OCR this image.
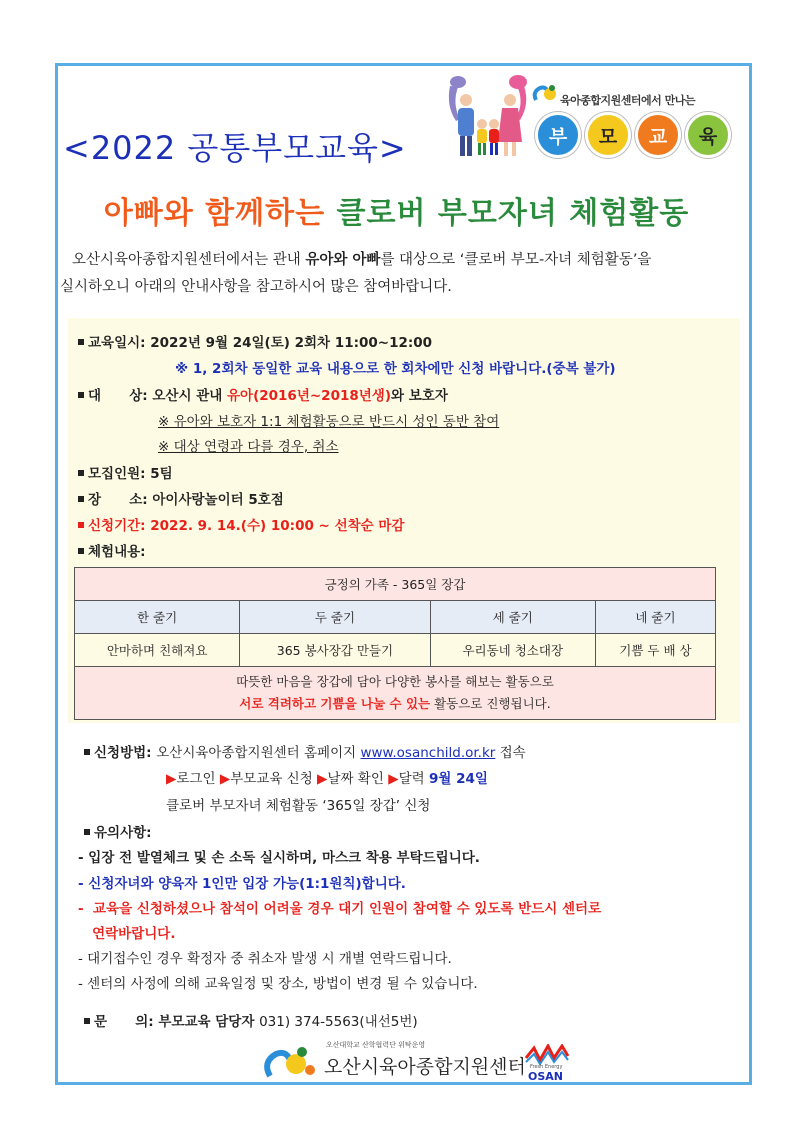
육아종합지원센터에서 만나는
부	모	교	육
<2022 공통부모교육>
아빠와 함께하는 클로버 부모자녀 체험활동
오산시육아종합지원센터에서는 관내 유아와 아빠를 대상으로 ‘클로버 부모-자녀 체험활동’을
실시하오니 아래의 안내사항을 참고하시어 많은 참여바랍니다.
교육일시: 2022년 9월 24일(토) 2회차 11:00~12:00
※ 1, 2회차 동일한 교육 내용으로 한 회차에만 신청 바랍니다.(중복 불가)
대      상: 오산시 관내 유아(2016년~2018년생)와 보호자
※ 유아와 보호자 1:1 체험활동으로 반드시 성인 동반 참여
※ 대상 연령과 다를 경우, 취소
모집인원: 5팀
장      소: 아이사랑놀이터 5호점
신청기간: 2022. 9. 14.(수) 10:00 ~ 선착순 마감
체험내용:
긍정의 가족 - 365일 장갑			
한 줄기	두 줄기	세 줄기	네 줄기
안마하며 친해져요	365 봉사장갑 만들기	우리동네 청소대장	기쁨 두 배 상

따뜻한 마음을 장갑에 담아 다양한 봉사를 해보는 활동으로
서로 격려하고 기쁨을 나눌 수 있는 활동으로 진행됩니다.			
신청방법: 오산시육아종합지원센터 홈페이지 www.osanchild.or.kr 접속
▶로그인 ▶부모교육 신청 ▶날짜 확인 ▶달력 9월 24일
클로버 부모자녀 체험활동 ‘365일 장갑’ 신청
유의사항:
- 입장 전 발열체크 및 손 소독 실시하며, 마스크 착용 부탁드립니다.
- 신청자녀와 양육자 1인만 입장 가능(1:1원칙)합니다.
-  교육을 신청하셨으나 참석이 어려울 경우 대기 인원이 참여할 수 있도록 반드시 센터로
연락바랍니다.
- 대기접수인 경우 확정자 중 취소자 발생 시 개별 연락드립니다.
- 센터의 사정에 의해 교육일정 및 장소, 방법이 변경 될 수 있습니다.
문      의: 부모교육 담당자 031) 374-5563(내선5번)
오산대학교 산학협력단 위탁운영
오산시육아종합지원센터 Fresh Energy
OSAN
